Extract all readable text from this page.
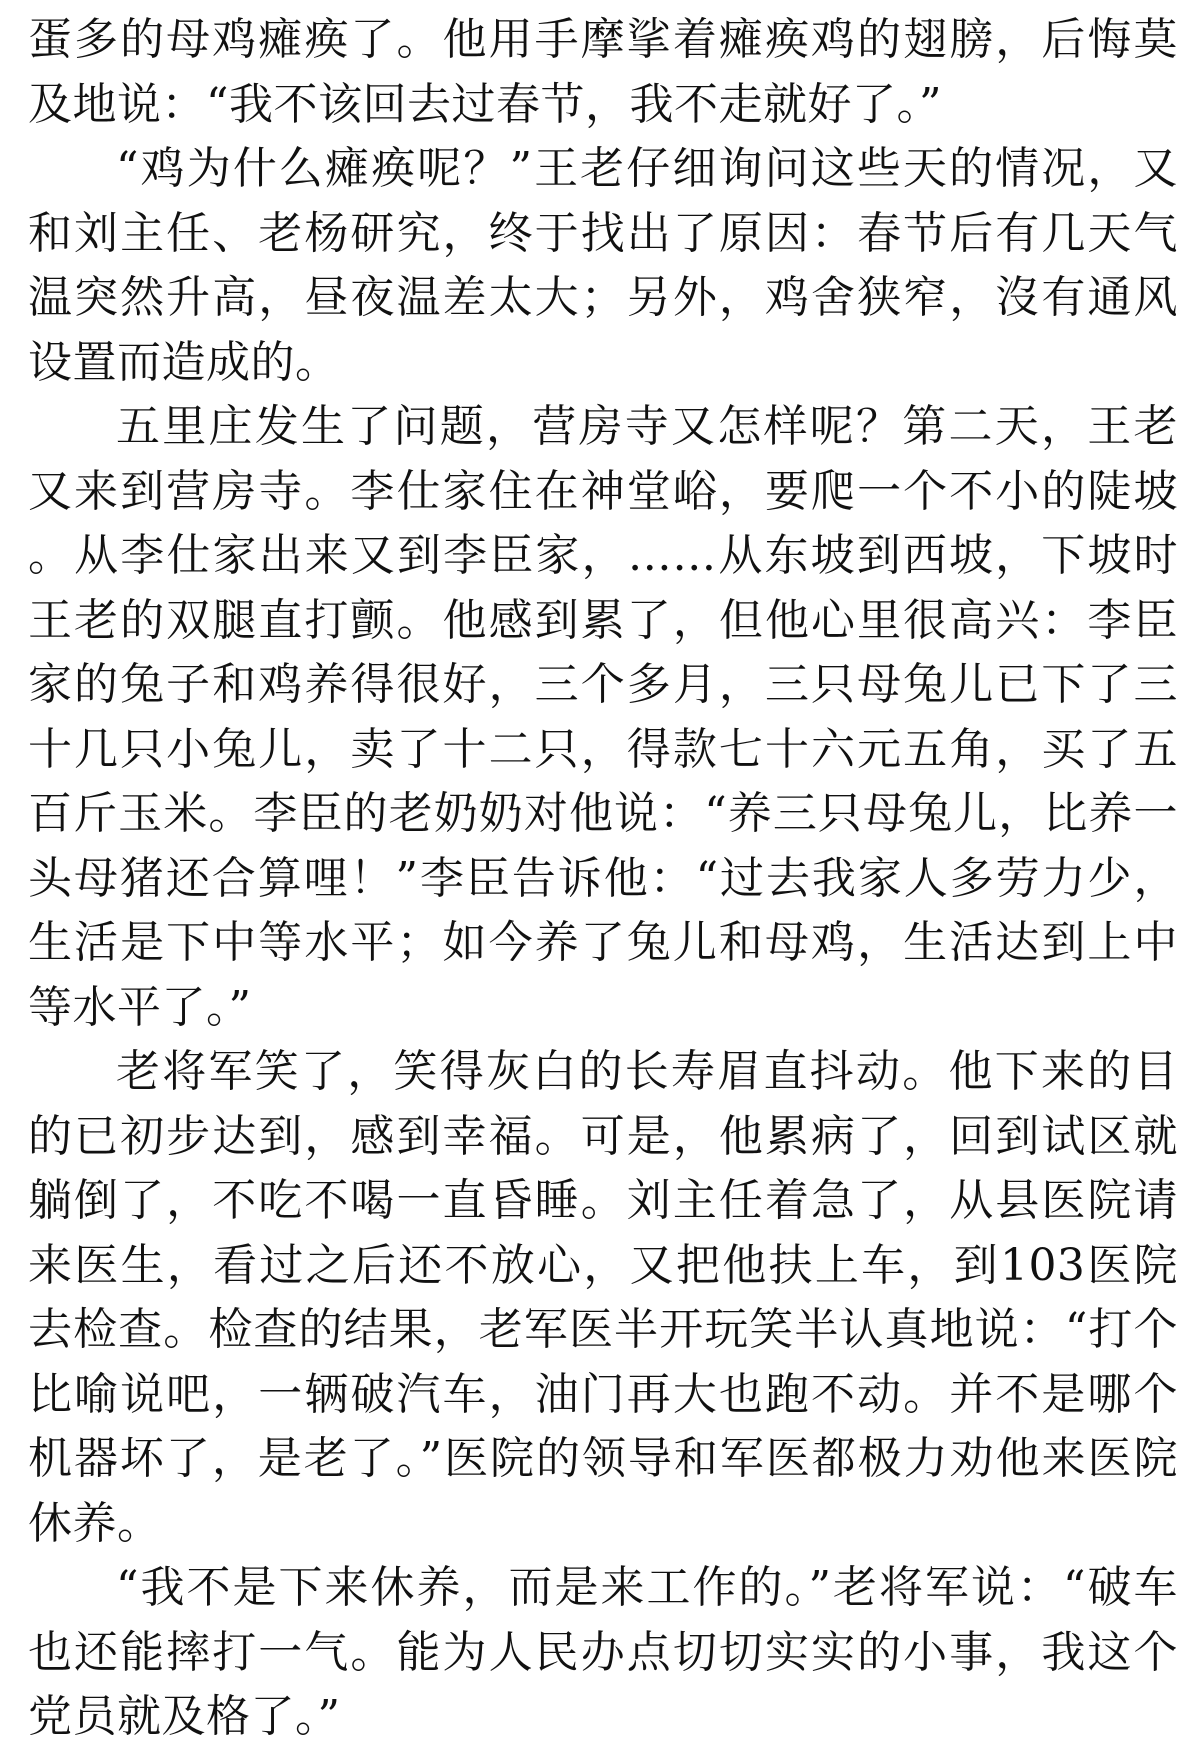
蛋多的母鸡瘫痪了。他用手摩挲着瘫痪鸡的翅膀，后悔莫及地说：“我不该回去过春节，我不走就好了。”

“鸡为什么瘫痪呢？”王老仔细询问这些天的情况，又和刘主任、老杨研究，终于找出了原因：春节后有几天气温突然升高，昼夜温差太大；另外，鸡舍狭窄，沒有通风设置而造成的。

五里庄发生了问题，营房寺又怎样呢？第二天，王老又来到营房寺。李仕家住在神堂峪，要爬一个不小的陡坡。从李仕家出来又到李臣家，……从东坡到西坡，下坡时王老的双腿直打颤。他感到累了，但他心里很高兴：李臣家的兔子和鸡养得很好，三个多月，三只母兔儿已下了三十几只小兔儿，卖了十二只，得款七十六元五角，买了五百斤玉米。李臣的老奶奶对他说：“养三只母兔儿，比养一头母猪还合算哩！”李臣告诉他：“过去我家人多劳力少，生活是下中等水平；如今养了兔儿和母鸡，生活达到上中等水平了。”

老将军笑了，笑得灰白的长寿眉直抖动。他下来的目的已初步达到，感到幸福。可是，他累病了，回到试区就躺倒了，不吃不喝一直昏睡。刘主任着急了，从县医院请来医生，看过之后还不放心，又把他扶上车，到103医院去检查。检查的结果，老军医半开玩笑半认真地说：“打个比喻说吧，一辆破汽车，油门再大也跑不动。并不是哪个机器坏了，是老了。”医院的领导和军医都极力劝他来医院休养。

“我不是下来休养，而是来工作的。”老将军说：“破车也还能摔打一气。能为人民办点切切实实的小事，我这个党员就及格了。”
